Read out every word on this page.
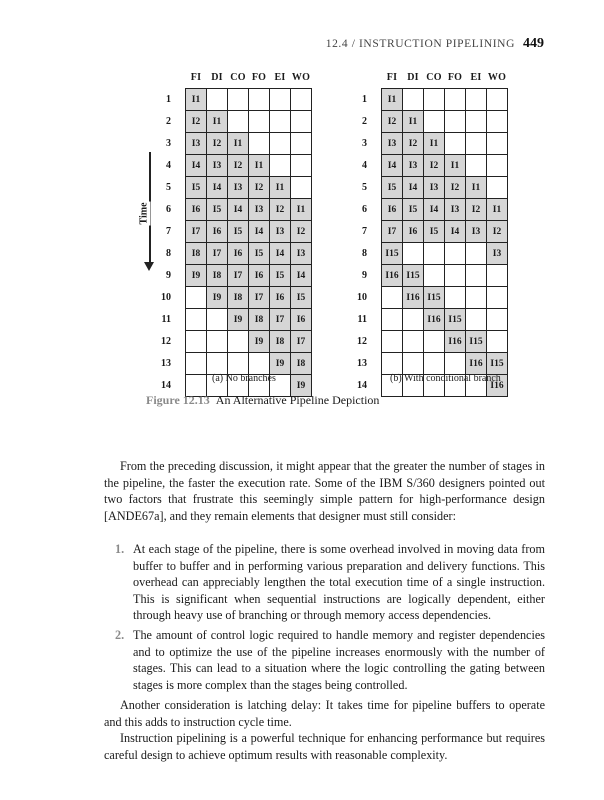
12.4 / INSTRUCTION PIPELINING 449
	FI	DI	CO	FO	EI	WO
1	I1					
2	I2	I1				
3	I3	I2	I1			
4	I4	I3	I2	I1		
5	I5	I4	I3	I2	I1	
6	I6	I5	I4	I3	I2	I1
7	I7	I6	I5	I4	I3	I2
8	I8	I7	I6	I5	I4	I3
9	I9	I8	I7	I6	I5	I4
10		I9	I8	I7	I6	I5
11			I9	I8	I7	I6
12				I9	I8	I7
13					I9	I8
14						I9
	FI	DI	CO	FO	EI	WO
1	I1					
2	I2	I1				
3	I3	I2	I1			
4	I4	I3	I2	I1		
5	I5	I4	I3	I2	I1	
6	I6	I5	I4	I3	I2	I1
7	I7	I6	I5	I4	I3	I2
8	I15					I3
9	I16	I15				
10		I16	I15			
11			I16	I15		
12				I16	I15	
13					I16	I15
14						I16
Time
(a) No branches	(b) With conditional branch
Figure 12.13 An Alternative Pipeline Depiction

From the preceding discussion, it might appear that the greater the number of stages in the pipeline, the faster the execution rate. Some of the IBM S/360 designers pointed out two factors that frustrate this seemingly simple pattern for high-performance design [ANDE67a], and they remain elements that designer must still consider:

1. At each stage of the pipeline, there is some overhead involved in moving data from buffer to buffer and in performing various preparation and delivery functions. This overhead can appreciably lengthen the total execution time of a single instruction. This is significant when sequential instructions are logically dependent, either through heavy use of branching or through memory access dependencies.
2. The amount of control logic required to handle memory and register dependencies and to optimize the use of the pipeline increases enormously with the number of stages. This can lead to a situation where the logic controlling the gating between stages is more complex than the stages being controlled.

Another consideration is latching delay: It takes time for pipeline buffers to operate and this adds to instruction cycle time.

Instruction pipelining is a powerful technique for enhancing performance but requires careful design to achieve optimum results with reasonable complexity.
